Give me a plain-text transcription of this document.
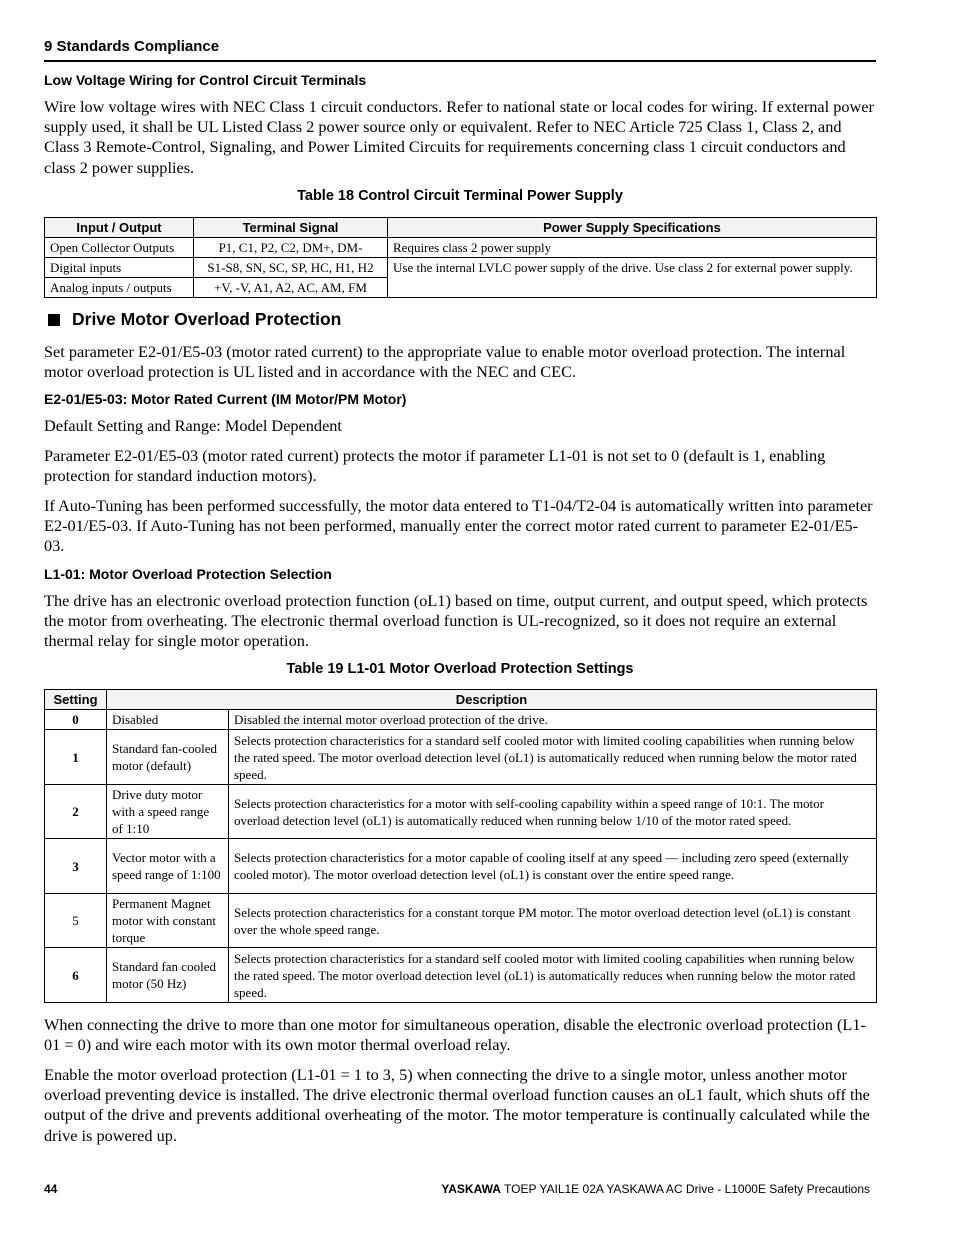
9 Standards Compliance
Low Voltage Wiring for Control Circuit Terminals
Wire low voltage wires with NEC Class 1 circuit conductors. Refer to national state or local codes for wiring. If external power supply used, it shall be UL Listed Class 2 power source only or equivalent. Refer to NEC Article 725 Class 1, Class 2, and Class 3 Remote-Control, Signaling, and Power Limited Circuits for requirements concerning class 1 circuit conductors and class 2 power supplies.
Table 18 Control Circuit Terminal Power Supply
Input / Output	Terminal Signal	Power Supply Specifications
Open Collector Outputs	P1, C1, P2, C2, DM+, DM-	Requires class 2 power supply
Digital inputs	S1-S8, SN, SC, SP, HC, H1, H2	Use the internal LVLC power supply of the drive. Use class 2 for external power supply.
Analog inputs / outputs	+V, -V, A1, A2, AC, AM, FM	
Drive Motor Overload Protection
Set parameter E2-01/E5-03 (motor rated current) to the appropriate value to enable motor overload protection. The internal motor overload protection is UL listed and in accordance with the NEC and CEC.
E2-01/E5-03: Motor Rated Current (IM Motor/PM Motor)
Default Setting and Range: Model Dependent
Parameter E2-01/E5-03 (motor rated current) protects the motor if parameter L1-01 is not set to 0 (default is 1, enabling protection for standard induction motors).
If Auto-Tuning has been performed successfully, the motor data entered to T1-04/T2-04 is automatically written into parameter E2-01/E5-03. If Auto-Tuning has not been performed, manually enter the correct motor rated current to parameter E2-01/E5-03.
L1-01: Motor Overload Protection Selection
The drive has an electronic overload protection function (oL1) based on time, output current, and output speed, which protects the motor from overheating. The electronic thermal overload function is UL-recognized, so it does not require an external thermal relay for single motor operation.
Table 19 L1-01 Motor Overload Protection Settings
Setting	Description	
0	Disabled	Disabled the internal motor overload protection of the drive.
1	Standard fan-cooled motor (default)	Selects protection characteristics for a standard self cooled motor with limited cooling capabilities when running below the rated speed. The motor overload detection level (oL1) is automatically reduced when running below the motor rated speed.
2	Drive duty motor with a speed range of 1:10	Selects protection characteristics for a motor with self-cooling capability within a speed range of 10:1. The motor overload detection level (oL1) is automatically reduced when running below 1/10 of the motor rated speed.
3	Vector motor with a speed range of 1:100	Selects protection characteristics for a motor capable of cooling itself at any speed — including zero speed (externally cooled motor). The motor overload detection level (oL1) is constant over the entire speed range.
5	Permanent Magnet motor with constant torque	Selects protection characteristics for a constant torque PM motor. The motor overload detection level (oL1) is constant over the whole speed range.
6	Standard fan cooled motor (50 Hz)	Selects protection characteristics for a standard self cooled motor with limited cooling capabilities when running below the rated speed. The motor overload detection level (oL1) is automatically reduces when running below the motor rated speed.
When connecting the drive to more than one motor for simultaneous operation, disable the electronic overload protection (L1-01 = 0) and wire each motor with its own motor thermal overload relay.
Enable the motor overload protection (L1-01 = 1 to 3, 5) when connecting the drive to a single motor, unless another motor overload preventing device is installed. The drive electronic thermal overload function causes an oL1 fault, which shuts off the output of the drive and prevents additional overheating of the motor. The motor temperature is continually calculated while the drive is powered up.
44	YASKAWA TOEP YAIL1E 02A YASKAWA AC Drive - L1000E Safety Precautions
